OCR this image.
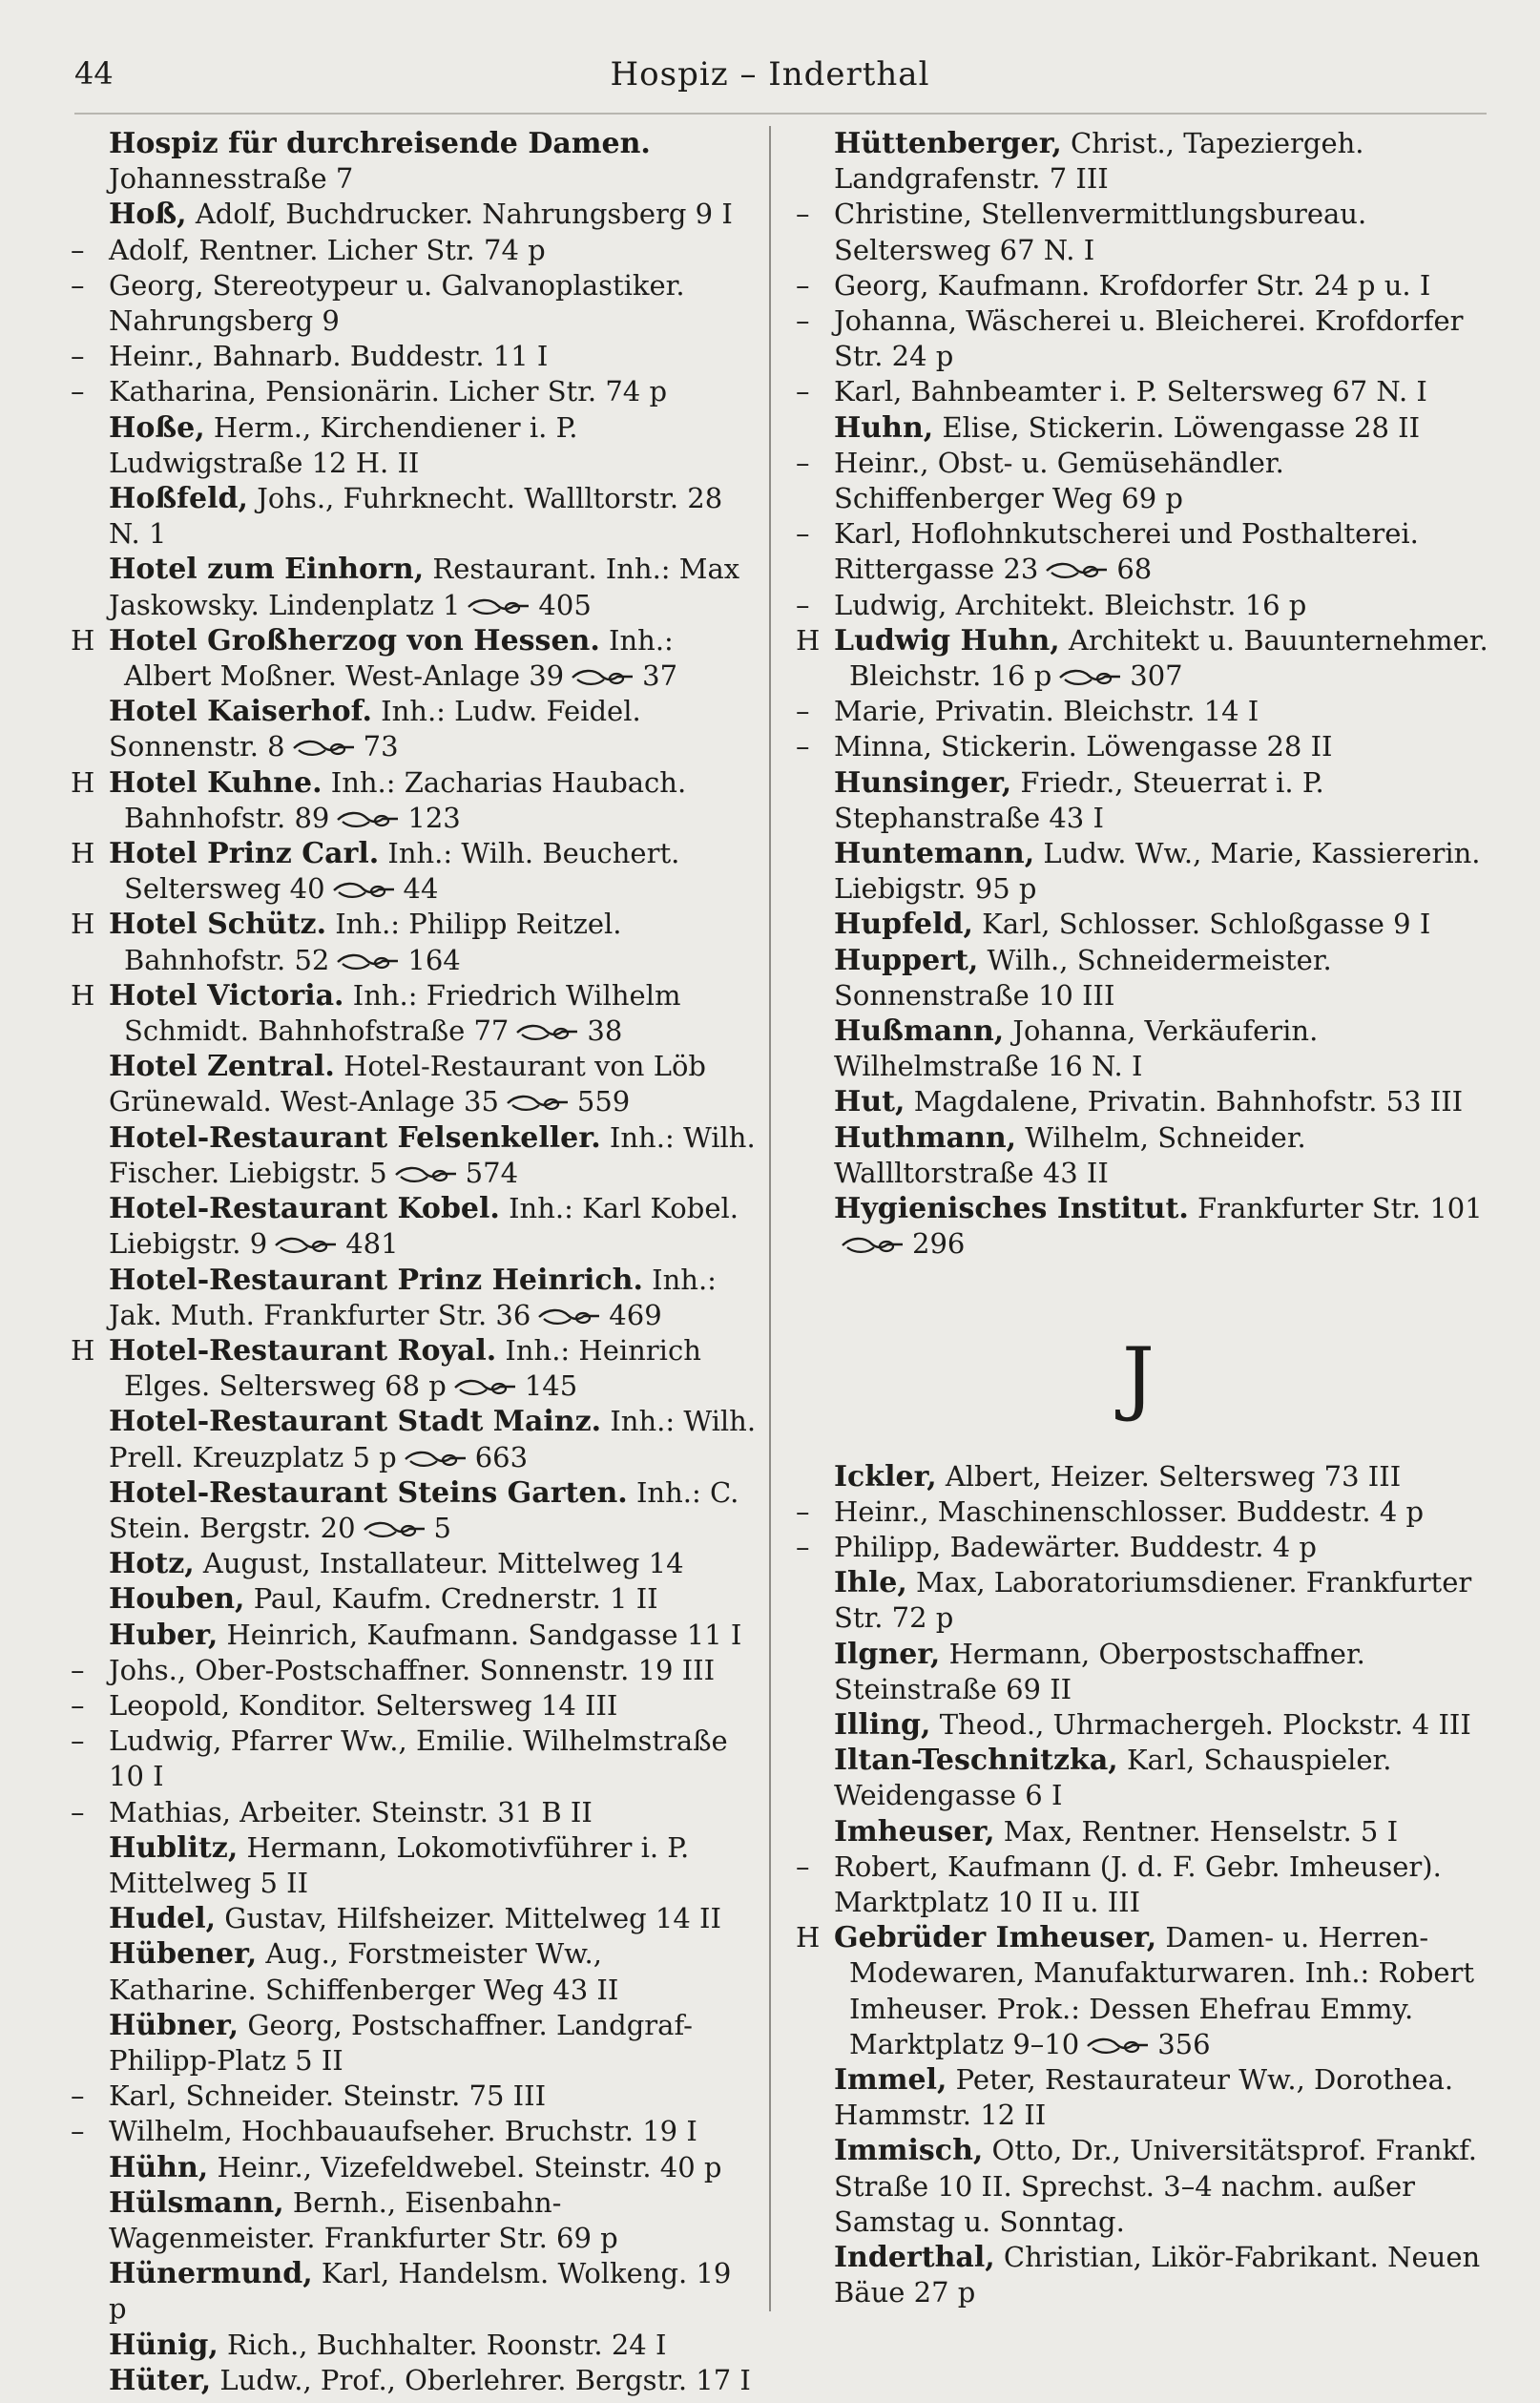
44	Hospiz – Inderthal
Hospiz für durchreisende Damen. Johannesstraße 7
Hoß, Adolf, Buchdrucker. Nahrungsberg 9 I
– Adolf, Rentner. Licher Str. 74 p
– Georg, Stereotypeur u. Galvanoplastiker. Nahrungsberg 9
– Heinr., Bahnarb. Buddestr. 11 I
– Katharina, Pensionärin. Licher Str. 74 p
Hoße, Herm., Kirchendiener i. P. Ludwigstraße 12 H. II
Hoßfeld, Johs., Fuhrknecht. Wallltorstr. 28 N. 1
Hotel zum Einhorn, Restaurant. Inh.: Max Jaskowsky. Lindenplatz 1	405
H Hotel Großherzog von Hessen. Inh.: Albert Moßner. West-Anlage 39	37
Hotel Kaiserhof. Inh.: Ludw. Feidel. Sonnenstr. 8	73
H Hotel Kuhne. Inh.: Zacharias Haubach. Bahnhofstr. 89	123
H Hotel Prinz Carl. Inh.: Wilh. Beuchert. Seltersweg 40	44
H Hotel Schütz. Inh.: Philipp Reitzel. Bahnhofstr. 52	164
H Hotel Victoria. Inh.: Friedrich Wilhelm Schmidt. Bahnhofstraße 77	38
Hotel Zentral. Hotel-Restaurant von Löb Grünewald. West-Anlage 35	559
Hotel-Restaurant Felsenkeller. Inh.: Wilh. Fischer. Liebigstr. 5	574
Hotel-Restaurant Kobel. Inh.: Karl Kobel. Liebigstr. 9	481
Hotel-Restaurant Prinz Heinrich. Inh.: Jak. Muth. Frankfurter Str. 36	469
H Hotel-Restaurant Royal. Inh.: Heinrich Elges. Seltersweg 68 p	145
Hotel-Restaurant Stadt Mainz. Inh.: Wilh. Prell. Kreuzplatz 5 p	663
Hotel-Restaurant Steins Garten. Inh.: C. Stein. Bergstr. 20	5
Hotz, August, Installateur. Mittelweg 14
Houben, Paul, Kaufm. Crednerstr. 1 II
Huber, Heinrich, Kaufmann. Sandgasse 11 I
– Johs., Ober-Postschaffner. Sonnenstr. 19 III
– Leopold, Konditor. Seltersweg 14 III
– Ludwig, Pfarrer Ww., Emilie. Wilhelmstraße 10 I
– Mathias, Arbeiter. Steinstr. 31 B II
Hublitz, Hermann, Lokomotivführer i. P. Mittelweg 5 II
Hudel, Gustav, Hilfsheizer. Mittelweg 14 II
Hübener, Aug., Forstmeister Ww., Katharine. Schiffenberger Weg 43 II
Hübner, Georg, Postschaffner. Landgraf-Philipp-Platz 5 II
– Karl, Schneider. Steinstr. 75 III
– Wilhelm, Hochbauaufseher. Bruchstr. 19 I
Hühn, Heinr., Vizefeldwebel. Steinstr. 40 p
Hülsmann, Bernh., Eisenbahn-Wagenmeister. Frankfurter Str. 69 p
Hünermund, Karl, Handelsm. Wolkeng. 19 p
Hünig, Rich., Buchhalter. Roonstr. 24 I
Hüter, Ludw., Prof., Oberlehrer. Bergstr. 17 I
Hüttenberger, Christ., Tapeziergeh. Landgrafenstr. 7 III
– Christine, Stellenvermittlungsbureau. Seltersweg 67 N. I
– Georg, Kaufmann. Krofdorfer Str. 24 p u. I
– Johanna, Wäscherei u. Bleicherei. Krofdorfer Str. 24 p
– Karl, Bahnbeamter i. P. Seltersweg 67 N. I
Huhn, Elise, Stickerin. Löwengasse 28 II
– Heinr., Obst- u. Gemüsehändler. Schiffenberger Weg 69 p
– Karl, Hoflohnkutscherei und Posthalterei. Rittergasse 23	68
– Ludwig, Architekt. Bleichstr. 16 p
H Ludwig Huhn, Architekt u. Bauunternehmer. Bleichstr. 16 p	307
– Marie, Privatin. Bleichstr. 14 I
– Minna, Stickerin. Löwengasse 28 II
Hunsinger, Friedr., Steuerrat i. P. Stephanstraße 43 I
Huntemann, Ludw. Ww., Marie, Kassiererin. Liebigstr. 95 p
Hupfeld, Karl, Schlosser. Schloßgasse 9 I
Huppert, Wilh., Schneidermeister. Sonnenstraße 10 III
Hußmann, Johanna, Verkäuferin. Wilhelmstraße 16 N. I
Hut, Magdalene, Privatin. Bahnhofstr. 53 III
Huthmann, Wilhelm, Schneider. Wallltorstraße 43 II
Hygienisches Institut. Frankfurter Str. 101
296
J
Ickler, Albert, Heizer. Seltersweg 73 III
– Heinr., Maschinenschlosser. Buddestr. 4 p
– Philipp, Badewärter. Buddestr. 4 p
Ihle, Max, Laboratoriumsdiener. Frankfurter Str. 72 p
Ilgner, Hermann, Oberpostschaffner. Steinstraße 69 II
Illing, Theod., Uhrmachergeh. Plockstr. 4 III
Iltan-Teschnitzka, Karl, Schauspieler. Weidengasse 6 I
Imheuser, Max, Rentner. Henselstr. 5 I
– Robert, Kaufmann (J. d. F. Gebr. Imheuser). Marktplatz 10 II u. III
H Gebrüder Imheuser, Damen- u. Herren-Modewaren, Manufakturwaren. Inh.: Robert Imheuser. Prok.: Dessen Ehefrau Emmy. Marktplatz 9–10	356
Immel, Peter, Restaurateur Ww., Dorothea. Hammstr. 12 II
Immisch, Otto, Dr., Universitätsprof. Frankf. Straße 10 II. Sprechst. 3–4 nachm. außer Samstag u. Sonntag.
Inderthal, Christian, Likör-Fabrikant. Neuen Bäue 27 p
